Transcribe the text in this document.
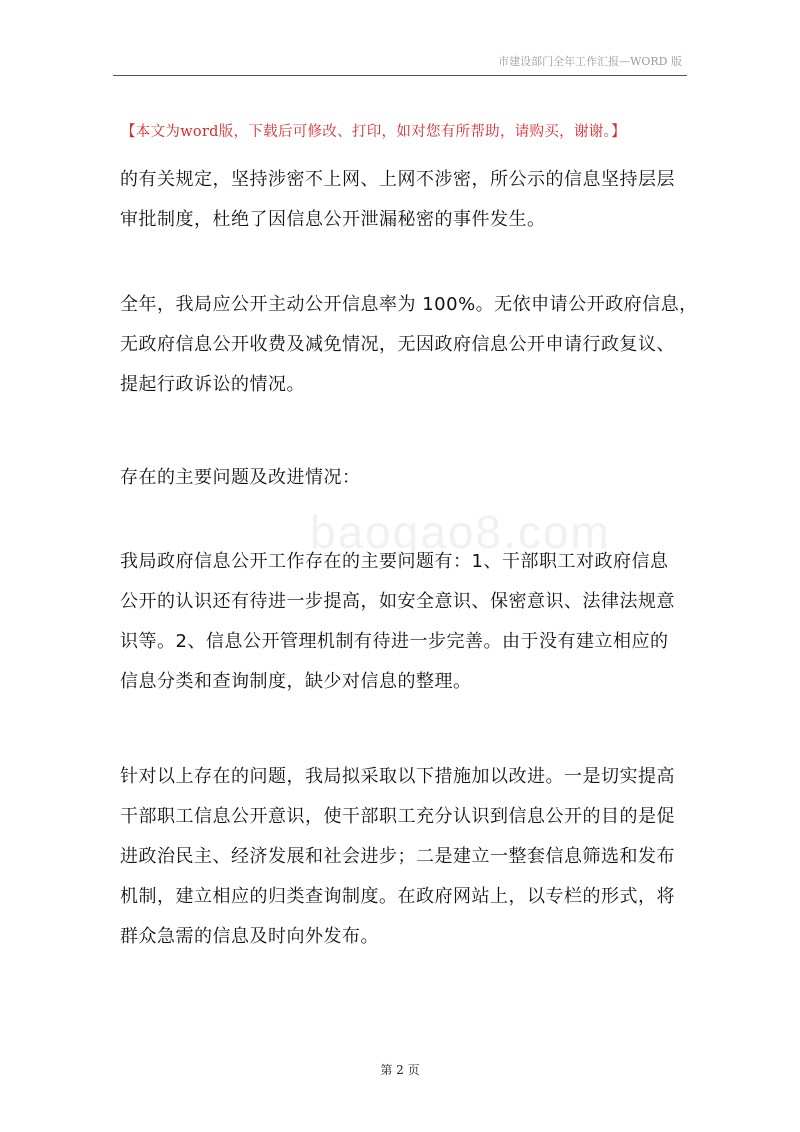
市建设部门全年工作汇报—WORD 版
【本文为word版，下载后可修改、打印，如对您有所帮助，请购买，谢谢。】
baogao8.com
的有关规定，坚持涉密不上网、上网不涉密，所公示的信息坚持层层
审批制度，杜绝了因信息公开泄漏秘密的事件发生。
全年，我局应公开主动公开信息率为 100%。无依申请公开政府信息，
无政府信息公开收费及减免情况，无因政府信息公开申请行政复议、
提起行政诉讼的情况。
存在的主要问题及改进情况：
我局政府信息公开工作存在的主要问题有：1、干部职工对政府信息
公开的认识还有待进一步提高，如安全意识、保密意识、法律法规意
识等。2、信息公开管理机制有待进一步完善。由于没有建立相应的
信息分类和查询制度，缺少对信息的整理。
针对以上存在的问题，我局拟采取以下措施加以改进。一是切实提高
干部职工信息公开意识，使干部职工充分认识到信息公开的目的是促
进政治民主、经济发展和社会进步；二是建立一整套信息筛选和发布
机制，建立相应的归类查询制度。在政府网站上，以专栏的形式，将
群众急需的信息及时向外发布。
第 2 页
